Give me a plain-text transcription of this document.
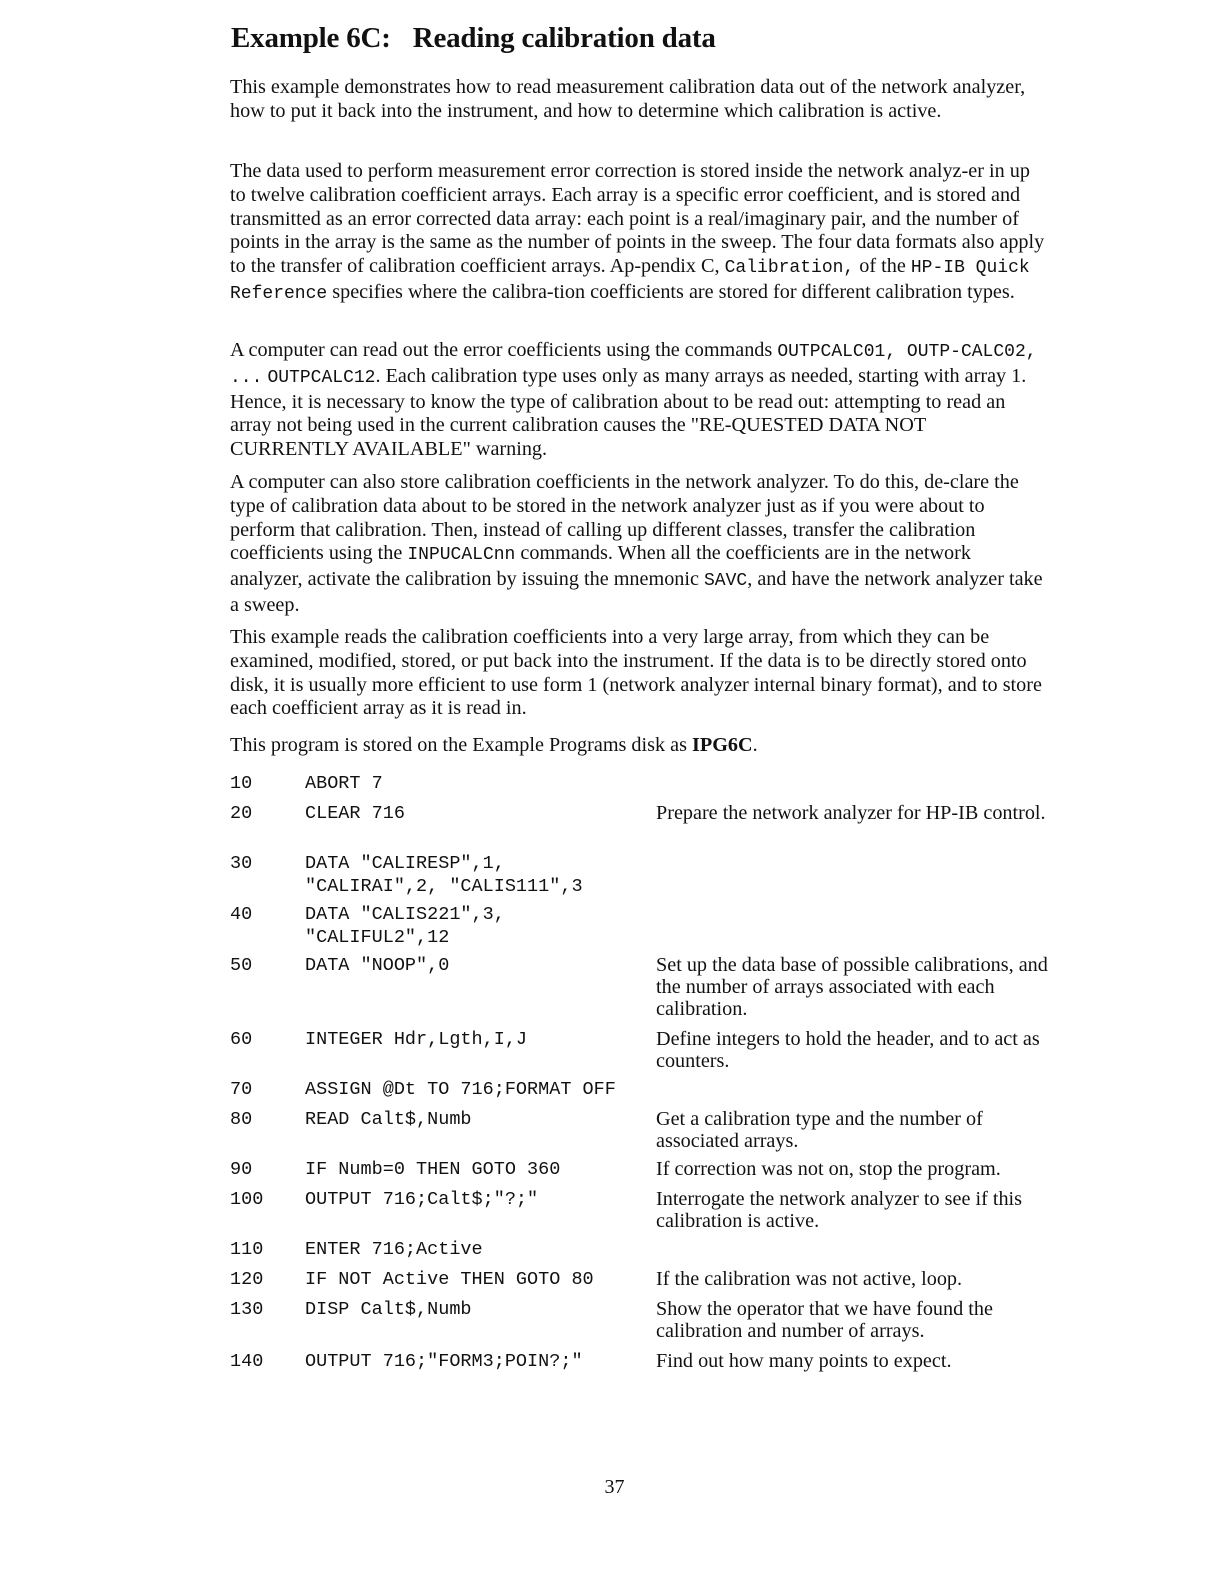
Example 6C: Reading calibration data

This example demonstrates how to read measurement calibration data out of the network analyzer, how to put it back into the instrument, and how to determine which calibration is active.

The data used to perform measurement error correction is stored inside the network analyz-er in up to twelve calibration coefficient arrays. Each array is a specific error coefficient, and is stored and transmitted as an error corrected data array: each point is a real/imaginary pair, and the number of points in the array is the same as the number of points in the sweep. The four data formats also apply to the transfer of calibration coefficient arrays. Ap-pendix C, Calibration, of the HP-IB Quick Reference specifies where the calibra-tion coefficients are stored for different calibration types.

A computer can read out the error coefficients using the commands OUTPCALC01, OUTP-CALC02, ... OUTPCALC12. Each calibration type uses only as many arrays as needed, starting with array 1. Hence, it is necessary to know the type of calibration about to be read out: attempting to read an array not being used in the current calibration causes the "RE-QUESTED DATA NOT CURRENTLY AVAILABLE" warning.

A computer can also store calibration coefficients in the network analyzer. To do this, de-clare the type of calibration data about to be stored in the network analyzer just as if you were about to perform that calibration. Then, instead of calling up different classes, transfer the calibration coefficients using the INPUCALCnn commands. When all the coefficients are in the network analyzer, activate the calibration by issuing the mnemonic SAVC, and have the network analyzer take a sweep.

This example reads the calibration coefficients into a very large array, from which they can be examined, modified, stored, or put back into the instrument. If the data is to be directly stored onto disk, it is usually more efficient to use form 1 (network analyzer internal binary format), and to store each coefficient array as it is read in.

This program is stored on the Example Programs disk as IPG6C.

10	ABORT 7
20	CLEAR 716	Prepare the network analyzer for HP-IB control.
30	DATA "CALIRESP",1,
"CALIRAI",2, "CALIS111",3
40	DATA "CALIS221",3,
"CALIFUL2",12
50	DATA "NOOP",0	Set up the data base of possible calibrations, and the number of arrays associated with each calibration.
60	INTEGER Hdr,Lgth,I,J	Define integers to hold the header, and to act as counters.
70	ASSIGN @Dt TO 716;FORMAT OFF
80	READ Calt$,Numb	Get a calibration type and the number of associated arrays.
90	IF Numb=0 THEN GOTO 360	If correction was not on, stop the program.
100 OUTPUT 716;Calt$;"?;"	Interrogate the network analyzer to see if this calibration is active.
110 ENTER 716;Active
120 IF NOT Active THEN GOTO 80	If the calibration was not active, loop.
130 DISP Calt$,Numb	Show the operator that we have found the calibration and number of arrays.
140 OUTPUT 716;"FORM3;POIN?;"	Find out how many points to expect.
37
